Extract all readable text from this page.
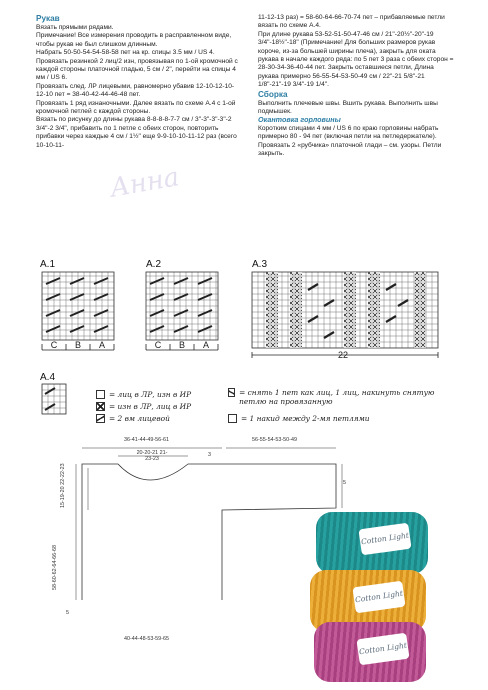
Рукав

Вязать прямыми рядами.

Примечание! Все измерения проводить в расправленном виде, чтобы рукав не был слишком длинным.

Набрать 50-50-54-54-58-58 пет на кр. спицы 3.5 мм / US 4.

Провязать резинкой 2 лиц/2 изн, провязывая по 1-ой кромочной с каждой стороны платочной гладью, 5 см / 2", перейти на спицы 4 мм / US 6.

Провязать след. ЛР лицевыми, равномерно убавив 12-10-12-10-12-10 пет = 38-40-42-44-46-48 пет.

Провязать 1 ряд изнаночными. Далее вязать по схеме А.4 с 1-ой кромочной петлей с каждой стороны.

Вязать по рисунку до длины рукава 8-8-8-8-7-7 см / 3"-3"-3"-3"-2 3/4"-2 3/4", прибавить по 1 петле с обеих сторон, повторить прибавки через каждые 4 см / 1½" еще 9-9-10-10-11-12 раз (всего 10-10-11-

11-12-13 раз) = 58-60-64-66-70-74 пет – прибавляемые петли вязать по схеме А.4.

При длине рукава 53-52-51-50-47-46 см / 21"-20½"-20"-19 3/4"-18½"-18" (Примечание! Для больших размеров рукав короче, из-за большей ширины плеча), закрыть для оката рукава в начале каждого ряда: по 5 пет 3 раза с обеих сторон = 28-30-34-36-40-44 пет. Закрыть оставшиеся петли, Длина рукава примерно 56-55-54-53-50-49 см / 22"-21 5/8"-21 1/8"-21"-19 3/4"-19 1/4".

Сборка

Выполнить плечевые швы. Вшить рукава. Выполнить швы подмышек.

Окантовка горловины

Коротким спицами 4 мм / US 6 по краю горловины набрать примерно 80 - 94 пет (включая петли на петледержателе).

Провязать 2 «рубчика» платочной глади – см. узоры. Петли закрыть.

Анна
A.1	A.2	A.3
A.4
C	B	A	C	B	A
22
= лиц в ЛР, изн в ИР
= изн в ЛР, лиц в ИР
= 2 вм лицевой
= снять 1 пет как лиц, 1 лиц, накинуть снятую петлю на провязанную
= 1 накид между 2-мя петлями
36-41-44-49-56-61	56-55-54-53-50-49
20-20-21 21-23-23
3
5
15-19-20 22-22-23
58-60-62-64-66-68
5
40-44-48-53-59-65
Cotton Light
Cotton Light
Cotton Light
